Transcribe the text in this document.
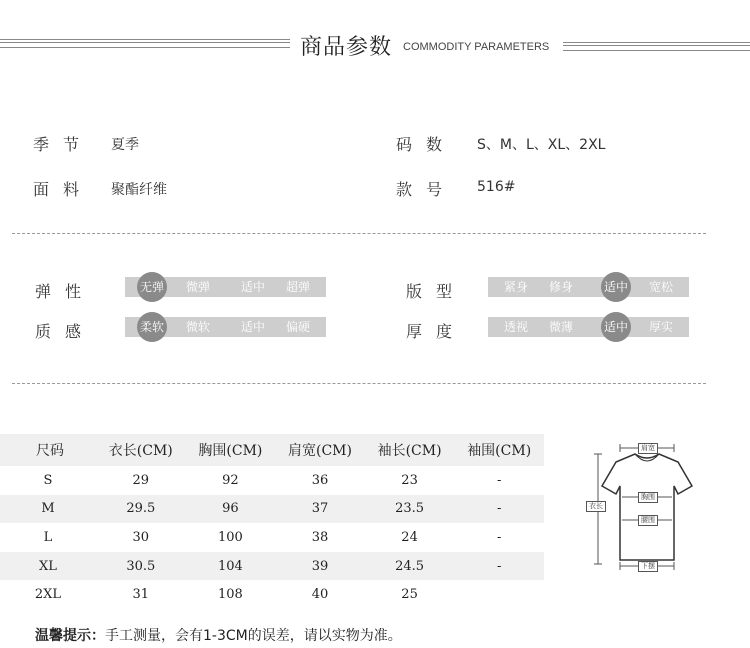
商品参数 COMMODITY PARAMETERS
季节 夏季	码数 S、M、L、XL、2XL
面料 聚酯纤维	款号 516#
弹性	无弹	微弹	适中	超弹	版型	紧身	修身	适中	宽松
质感	柔软	微软	适中	偏硬	厚度	透视	微薄	适中	厚实
尺码	衣长(CM)	胸围(CM)	肩宽(CM)	袖长(CM)	袖围(CM)
S	29	92	36	23	-
M	29.5	96	37	23.5	-
L	30	100	38	24	-
XL	30.5	104	39	24.5	-
2XL	31	108	40	25	
肩宽
衣长
胸围
腰围
下摆
温馨提示：手工测量，会有1-3CM的误差，请以实物为准。
